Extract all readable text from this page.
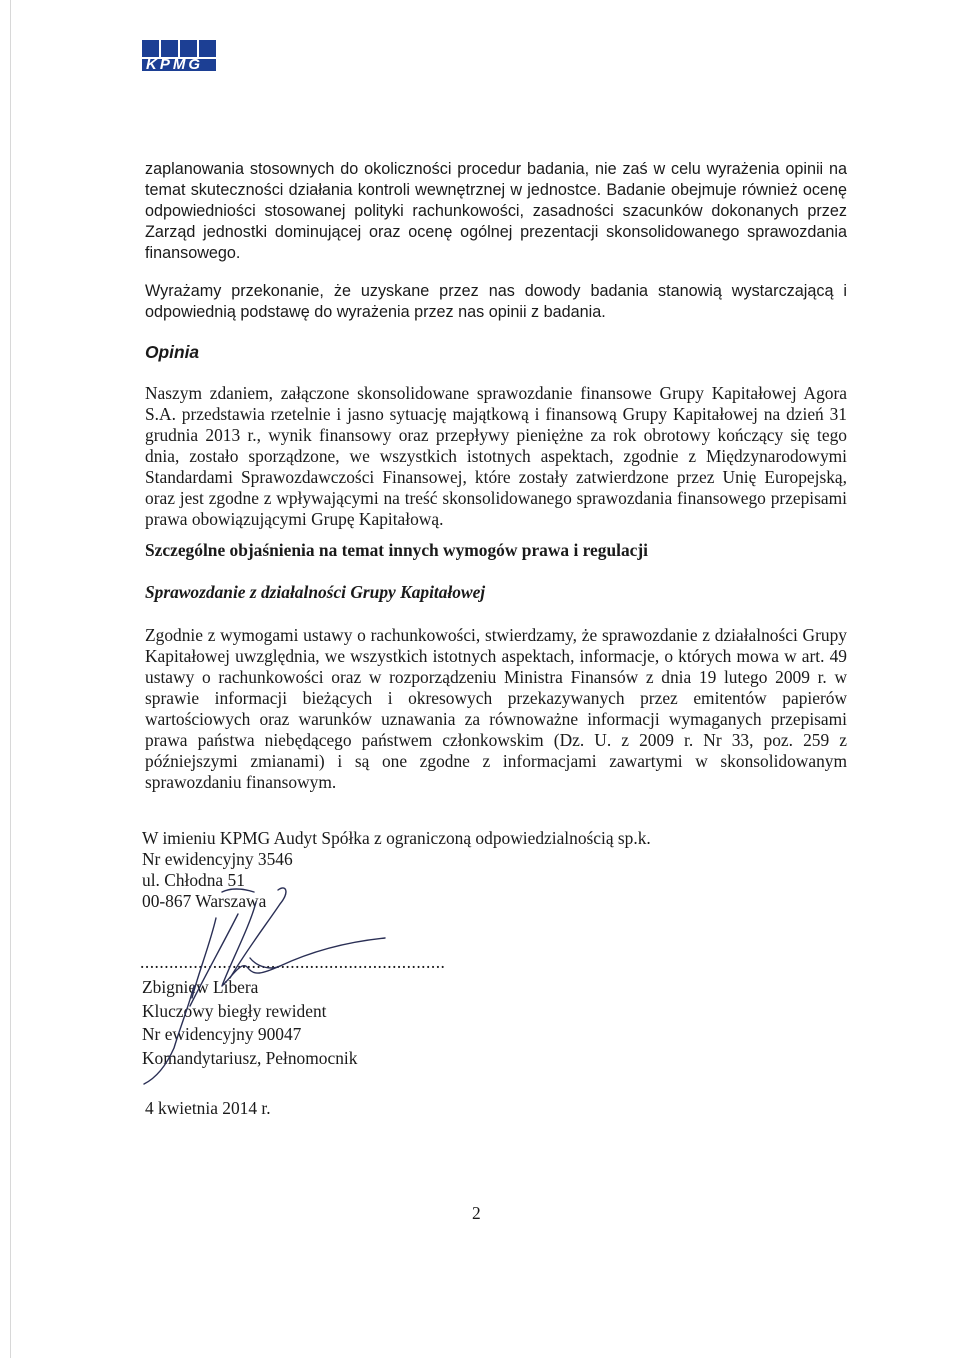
KPMG

zaplanowania stosownych do okoliczności procedur badania, nie zaś w celu wyrażenia opinii na temat skuteczności działania kontroli wewnętrznej w jednostce. Badanie obejmuje również ocenę odpowiedniości stosowanej polityki rachunkowości, zasadności szacunków dokonanych przez Zarząd jednostki dominującej oraz ocenę ogólnej prezentacji skonsolidowanego sprawozdania finansowego.

Wyrażamy przekonanie, że uzyskane przez nas dowody badania stanowią wystarczającą i odpowiednią podstawę do wyrażenia przez nas opinii z badania.

Opinia

Naszym zdaniem, załączone skonsolidowane sprawozdanie finansowe Grupy Kapitałowej Agora S.A. przedstawia rzetelnie i jasno sytuację majątkową i finansową Grupy Kapitałowej na dzień 31 grudnia 2013 r., wynik finansowy oraz przepływy pieniężne za rok obrotowy kończący się tego dnia, zostało sporządzone, we wszystkich istotnych aspektach, zgodnie z Międzynarodowymi Standardami Sprawozdawczości Finansowej, które zostały zatwierdzone przez Unię Europejską, oraz jest zgodne z wpływającymi na treść skonsolidowanego sprawozdania finansowego przepisami prawa obowiązującymi Grupę Kapitałową.

Szczególne objaśnienia na temat innych wymogów prawa i regulacji
Sprawozdanie z działalności Grupy Kapitałowej

Zgodnie z wymogami ustawy o rachunkowości, stwierdzamy, że sprawozdanie z działalności Grupy Kapitałowej uwzględnia, we wszystkich istotnych aspektach, informacje, o których mowa w art. 49 ustawy o rachunkowości oraz w rozporządzeniu Ministra Finansów z dnia 19 lutego 2009 r. w sprawie informacji bieżących i okresowych przekazywanych przez emitentów papierów wartościowych oraz warunków uznawania za równoważne informacji wymaganych przepisami prawa państwa niebędącego państwem członkowskim (Dz. U. z 2009 r. Nr 33, poz. 259 z późniejszymi zmianami) i są one zgodne z informacjami zawartymi w skonsolidowanym sprawozdaniu finansowym.

W imieniu KPMG Audyt Spółka z ograniczoną odpowiedzialnością sp.k.
Nr ewidencyjny 3546
ul. Chłodna 51
00-867 Warszawa
...............................................................
Zbigniew Libera
Kluczowy biegły rewident
Nr ewidencyjny 90047
Komandytariusz, Pełnomocnik
4 kwietnia 2014 r.
2
